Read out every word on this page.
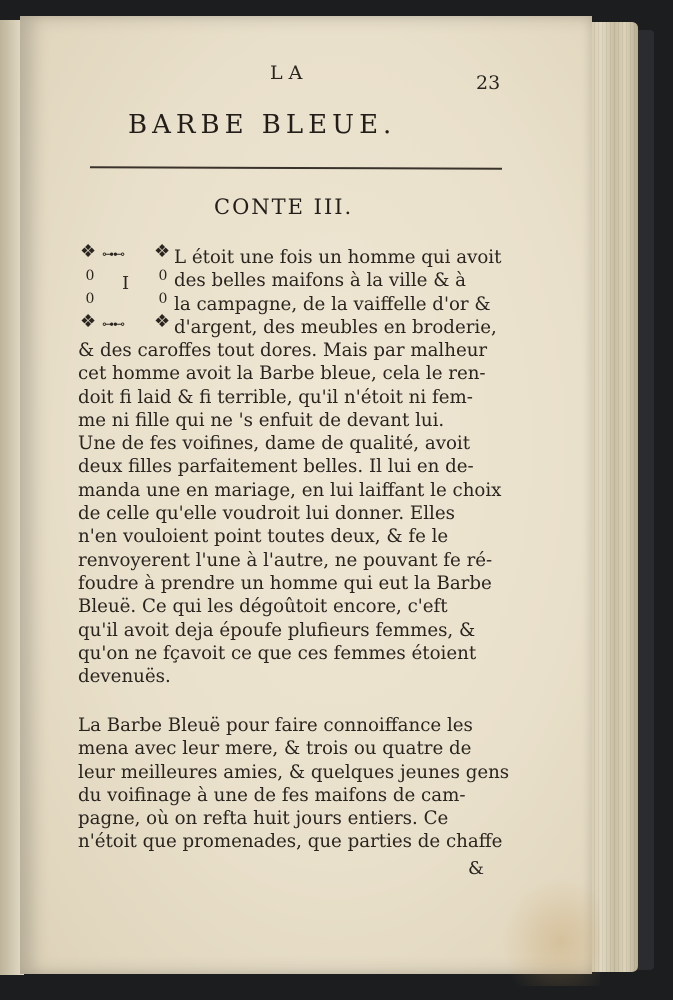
LA	23
BARBE BLEUE.
CONTE III.
❖ ⊶⊷ ❖
0
0
0
0
I
❖ ⊶⊷ ❖
L étoit une fois un homme qui avoit
des belles maifons à la ville & à
la campagne, de la vaiffelle d'or &
d'argent, des meubles en broderie,
& des caroffes tout dores. Mais par malheur
cet homme avoit la Barbe bleue, cela le ren-
doit fi laid & fi terrible, qu'il n'étoit ni fem-
me ni fille qui ne 's enfuit de devant lui.
Une de fes voifines, dame de qualité, avoit
deux filles parfaitement belles. Il lui en de-
manda une en mariage, en lui laiffant le choix
de celle qu'elle voudroit lui donner. Elles
n'en vouloient point toutes deux, & fe le
renvoyerent l'une à l'autre, ne pouvant fe ré-
foudre à prendre un homme qui eut la Barbe
Bleuë. Ce qui les dégoûtoit encore, c'eft
qu'il avoit deja époufe plufieurs femmes, &
qu'on ne fçavoit ce que ces femmes étoient
devenuës.
La Barbe Bleuë pour faire connoiffance les
mena avec leur mere, & trois ou quatre de
leur meilleures amies, & quelques jeunes gens
du voifinage à une de fes maifons de cam-
pagne, où on refta huit jours entiers. Ce
n'étoit que promenades, que parties de chaffe
&
